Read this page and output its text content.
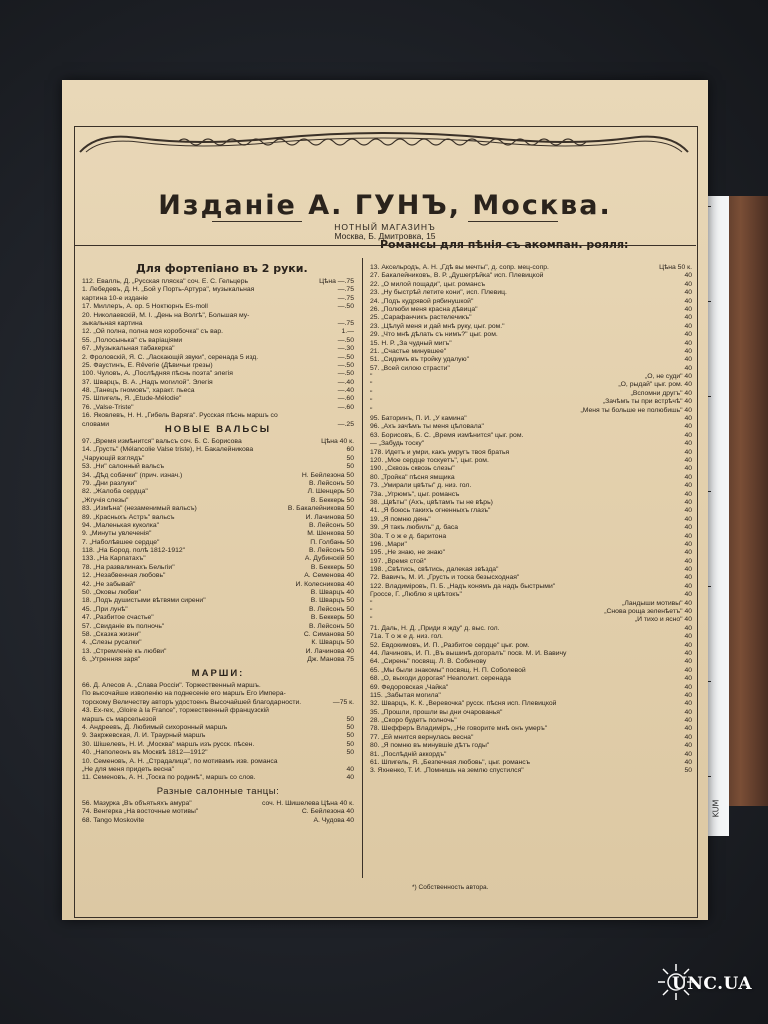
KUM
Изданіе А. ГУНЪ, Москва.
НОТНЫЙ МАГАЗИНЪ
Москва, Б. Дмитровка, 15
Для фортепіано въ 2 руки.
112. Евалль, Д. „Русская пляска" соч. Е. С. Гельцерь	Цѣна —.75
1. Лебедевъ, Д. Н. „Бой у Порть-Артура", музыкальная	—.75
картина 10-е изданіе	—.75
17. Миллеръ, А. ор. 5 Ноктюрнъ Es-moll	—.50
20. Николаевскій, М. І. „День на Волгѣ", Большая му-
зыкальная картина	—.75
12. „Ой полна, полна моя коробочка" съ вар.	1.—
55. „Полосынька" съ варіаціями	—.50
67. „Музыкальная табакерка"	—.30
2. Фроловскій, Я. С. „Ласкающій звуки", серенада 5 изд.	—.50
25. Фаустинъ, Е. Rêverie (Дѣвичьи грезы)	—.50
100. Чуловъ, А. „Послѣдняя пѣснь поэта" элегія	—.50
37. Шварцъ, В. А. „Надъ могилой". Элегія	—.40
48. „Танецъ гномовъ", характ. пьеса	—.40
75. Шпигель, Я. „Etude-Mélodie"	—.60
76. „Valse-Triste"	—.60
16. Яковлевъ, Н. Н. „Гибель Варяга". Русская пѣснь маршъ со
словами	—.25
НОВЫЕ ВАЛЬСЫ
97. „Время измѣнится" вальсъ соч. Б. С. Борисова	Цѣна 40 к.
14. „Грусть" (Mélancolie Valse triste), Н. Бакалейникова	60
„Чарующій взглядъ"	50
53. „Ни" салонный вальсъ	50
34. „Дѣд собачки" (прич. изнач.)	Н. Бейлезона 50
79. „Дни разлуки"	В. Лейсонъ 50
82. „Жалоба сердца"	Л. Шенцерь 50
„Жгучія слезы"	В. Беккерь 50
83. „Измѣна" (незаменимый вальсъ)	В. Бакалейникова 50
89. „Красныхъ Астръ" вальсъ	И. Лачинова 50
94. „Маленькая куколка"	В. Лейсонъ 50
9. „Минуты увлеченія"	М. Шенкова 50
7. „Наболѣвшее сердце"	П. Голбань 50
118. „На Бород. полѣ 1812-1912"	В. Лейсонъ 50
133. „На Карпатахъ"	А. Дубинскій 50
78. „На развалинахъ Бельгіи"	В. Беккерь 50
12. „Незабвенная любовь"	А. Семенова 40
42. „Не забывай"	И. Колесникова 40
50. „Оковы любви"	В. Шварцъ 40
18. „Подъ душистыми вѣтвями сирени"	В. Шварцъ 50
45. „При лунѣ"	В. Лейсонъ 50
47. „Разбитое счастье"	В. Беккерь 50
57. „Свиданіе въ полночь"	В. Лейсонъ 50
58. „Сказка жизни"	С. Симанова 50
4. „Слезы русалки"	К. Шварцъ 50
13. „Стремленіе къ любви"	И. Лачинова 40
6. „Утренняя заря"	Дж. Манова 75
МАРШИ:
66. Д. Алесов А. „Слава Россіи". Торжественный маршъ.
По высочайше изволенію на поднесеніе его маршъ Его Импера-
торскому Величеству авторъ удостоенъ Высочайшей благодарности.	—75 к.
43. Ex-rex, „Gloire à la France", торжественный французскій
маршъ съ марсельезой	50
4. Андреевъ, Д. Любимый сихоронный маршъ	50
9. Закржевская, Л. И. Траурный маршъ	50
30. Шішелевъ, Н. И. „Москва" маршъ изъ русск. пѣсен.	50
40. „Наполеонъ въ Москвѣ 1812—1912"	50
10. Семеновъ, А. Н. „Страдалица", по мотивамъ изв. романса
„Не для меня придеть весна"	40
11. Семеновъ, А. Н. „Тоска по родинѣ", маршъ со слов.	40
Разные салонные танцы:
56. Мазурка „Въ объятьяхъ амура"	соч. Н. Шишелева Цѣна 40 к.
74. Венгерка „На восточные мотивы"	С. Бейлезона 40
68. Tango Moskovite	А. Чудова 40
Романсы для пѣнія съ акомпан. рояля:
13. Аксельродъ, А. Н. „Гдѣ вы мечты", д. сопр. мец-сопр.	Цѣна 50 к.
27. Бакалейниковъ, В. Р. „Душегрѣйка" исп. Плевицкой	40
22. „О милой пощади", цыг. романсъ	40
23. „Ну быстрѣй летите кони", исп. Плевиц.	40
24. „Подъ кудрявой рябинушкой"	40
26. „Полюби меня красна дѣвица"	40
25. „Сарафанчикъ растелечикъ"	40
23. „Цѣлуй меня и дай мнѣ руку, цыг. ром."	40
29. „Что мнѣ дѣлать съ нимъ?" цыг. ром.	40
15. Н. Р. „За чудный мигъ"	40
21. „Счастье минувшее"	40
51. „Сидимъ въ тройку удалую"	40
57. „Всей силою страсти"	40
"	„О, не суди" 40
"	„О, рыдай" цыг. ром. 40
"	„Вспомни другъ" 40
"	„Зачѣмъ ты при встрѣчѣ" 40
"	„Меня ты больше не полюбишь" 40
95. Баторинъ, П. И. „У камина"	40
96. „Ахъ зачѣмъ ты меня цѣловала"	40
63. Борисовъ, Б. С. „Время измѣнится" цыг. ром.	40
— „Забудь тоску"	40
178. Идетъ и умри, какъ умругъ твоя братья	40
120. „Мое сердце тоскуетъ", цыг. ром.	40
190. „Сквозь сквозь слезы"	40
80. „Тройка" пѣсня ямщика	40
73. „Умирали цвѣты" д. низ. гол.	40
73а. „Угрюмъ", цыг. романсъ	40
38. „Цвѣты" (Ахъ, цвѣтамъ ты не вѣрь)	40
41. „Я боюсь такихъ огненныхъ глазъ"	40
19. „Я помню день"	40
39. „Я такъ любилъ" д. баса	40
30а. Т о ж е д. баритона	40
196. „Мари"	40
195. „Не знаю, не знаю"	40
197. „Время стой"	40
198. „Свѣтись, свѣтись, далекая звѣзда"	40
72. Вавичъ, М. И. „Грусть и тоска безысходная"	40
122. Владиміровъ, П. Б. „Надъ конямъ да надъ быстрыми"	40
Гроссе, Г. „Люблю я цвѣтокъ"	40
"	„Ландыши мотивы" 40
"	„Снова роща зеленѣетъ" 40
"	„И тихо и ясно" 40
71. Даль, Н. Д. „Приди я жду" д. выс. гол.	40
71а. Т о ж е д. низ. гол.	40
52. Евдокимовъ, И. П. „Разбитое сердце" цыг. ром.	40
44. Лачиновъ, И. П. „Въ вышинѣ догоралъ" посв. М. И. Вавичу	40
64. „Сирень" посвящ. Л. В. Собинову	40
65. „Мы были знакомы" посвящ. Н. П. Соболевой	40
68. „О, выходи дорогая" Неаполит. серенада	40
69. Федоровская „Чайка"	40
115. „Забытая могила"	40
32. Шварцъ, К. К. „Веревочка" русск. пѣсня исп. Плевицкой	40
35. „Прошли, прошли вы дни очарованья"	40
28. „Скоро будетъ полночь"	40
78. Шефферъ Владиміръ, „Не говорите мнѣ онъ умеръ"	40
77. „Ей мнится вернулась весна"	40
80. „Я помню въ минувшіе дѣтъ годы"	40
81. „Послѣдній аккордъ"	40
61. Шпигель, Я. „Безпечная любовь", цыг. романсъ	40
3. Яхненко, Т. И. „Помнишь на землю спустился"	50
*) Собственность автора.
UNC.UA
